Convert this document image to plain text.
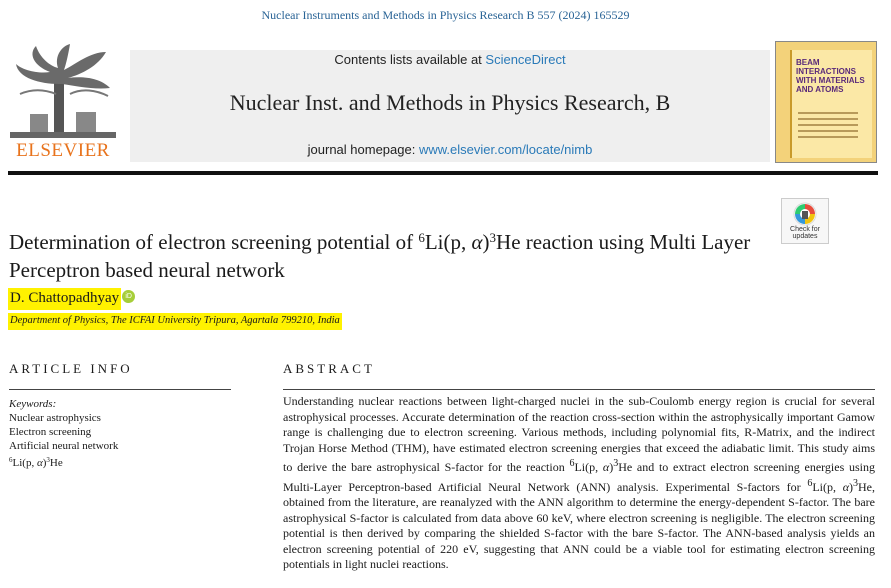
Nuclear Instruments and Methods in Physics Research B 557 (2024) 165529
ELSEVIER
Contents lists available at ScienceDirect
Nuclear Inst. and Methods in Physics Research, B
journal homepage: www.elsevier.com/locate/nimb
BEAM INTERACTIONS WITH MATERIALS AND ATOMS
Check for updates
Determination of electron screening potential of $^6$Li(p, α)$^3$He reaction using Multi Layer Perceptron based neural network
D. Chattopadhyay iD
Department of Physics, The ICFAI University Tripura, Agartala 799210, India
ARTICLE INFO	ABSTRACT
Keywords:
Nuclear astrophysics
Electron screening
Artificial neural network
$^6$Li(p, α)$^3$He
Understanding nuclear reactions between light-charged nuclei in the sub-Coulomb energy region is crucial for several astrophysical processes. Accurate determination of the reaction cross-section within the astrophysically important Gamow range is challenging due to electron screening. Various methods, including polynomial fits, R-Matrix, and the indirect Trojan Horse Method (THM), have estimated electron screening energies that exceed the adiabatic limit. This study aims to derive the bare astrophysical S-factor for the reaction $^6$Li(p, α)$^3$He and to extract electron screening energies using Multi-Layer Perceptron-based Artificial Neural Network (ANN) analysis. Experimental S-factors for $^6$Li(p, α)$^3$He, obtained from the literature, are reanalyzed with the ANN algorithm to determine the energy-dependent S-factor. The bare astrophysical S-factor is calculated from data above 60 keV, where electron screening is negligible. The electron screening potential is then derived by comparing the shielded S-factor with the bare S-factor. The ANN-based analysis yields an electron screening potential of 220 eV, suggesting that ANN could be a viable tool for estimating electron screening potentials in light nuclei reactions.
